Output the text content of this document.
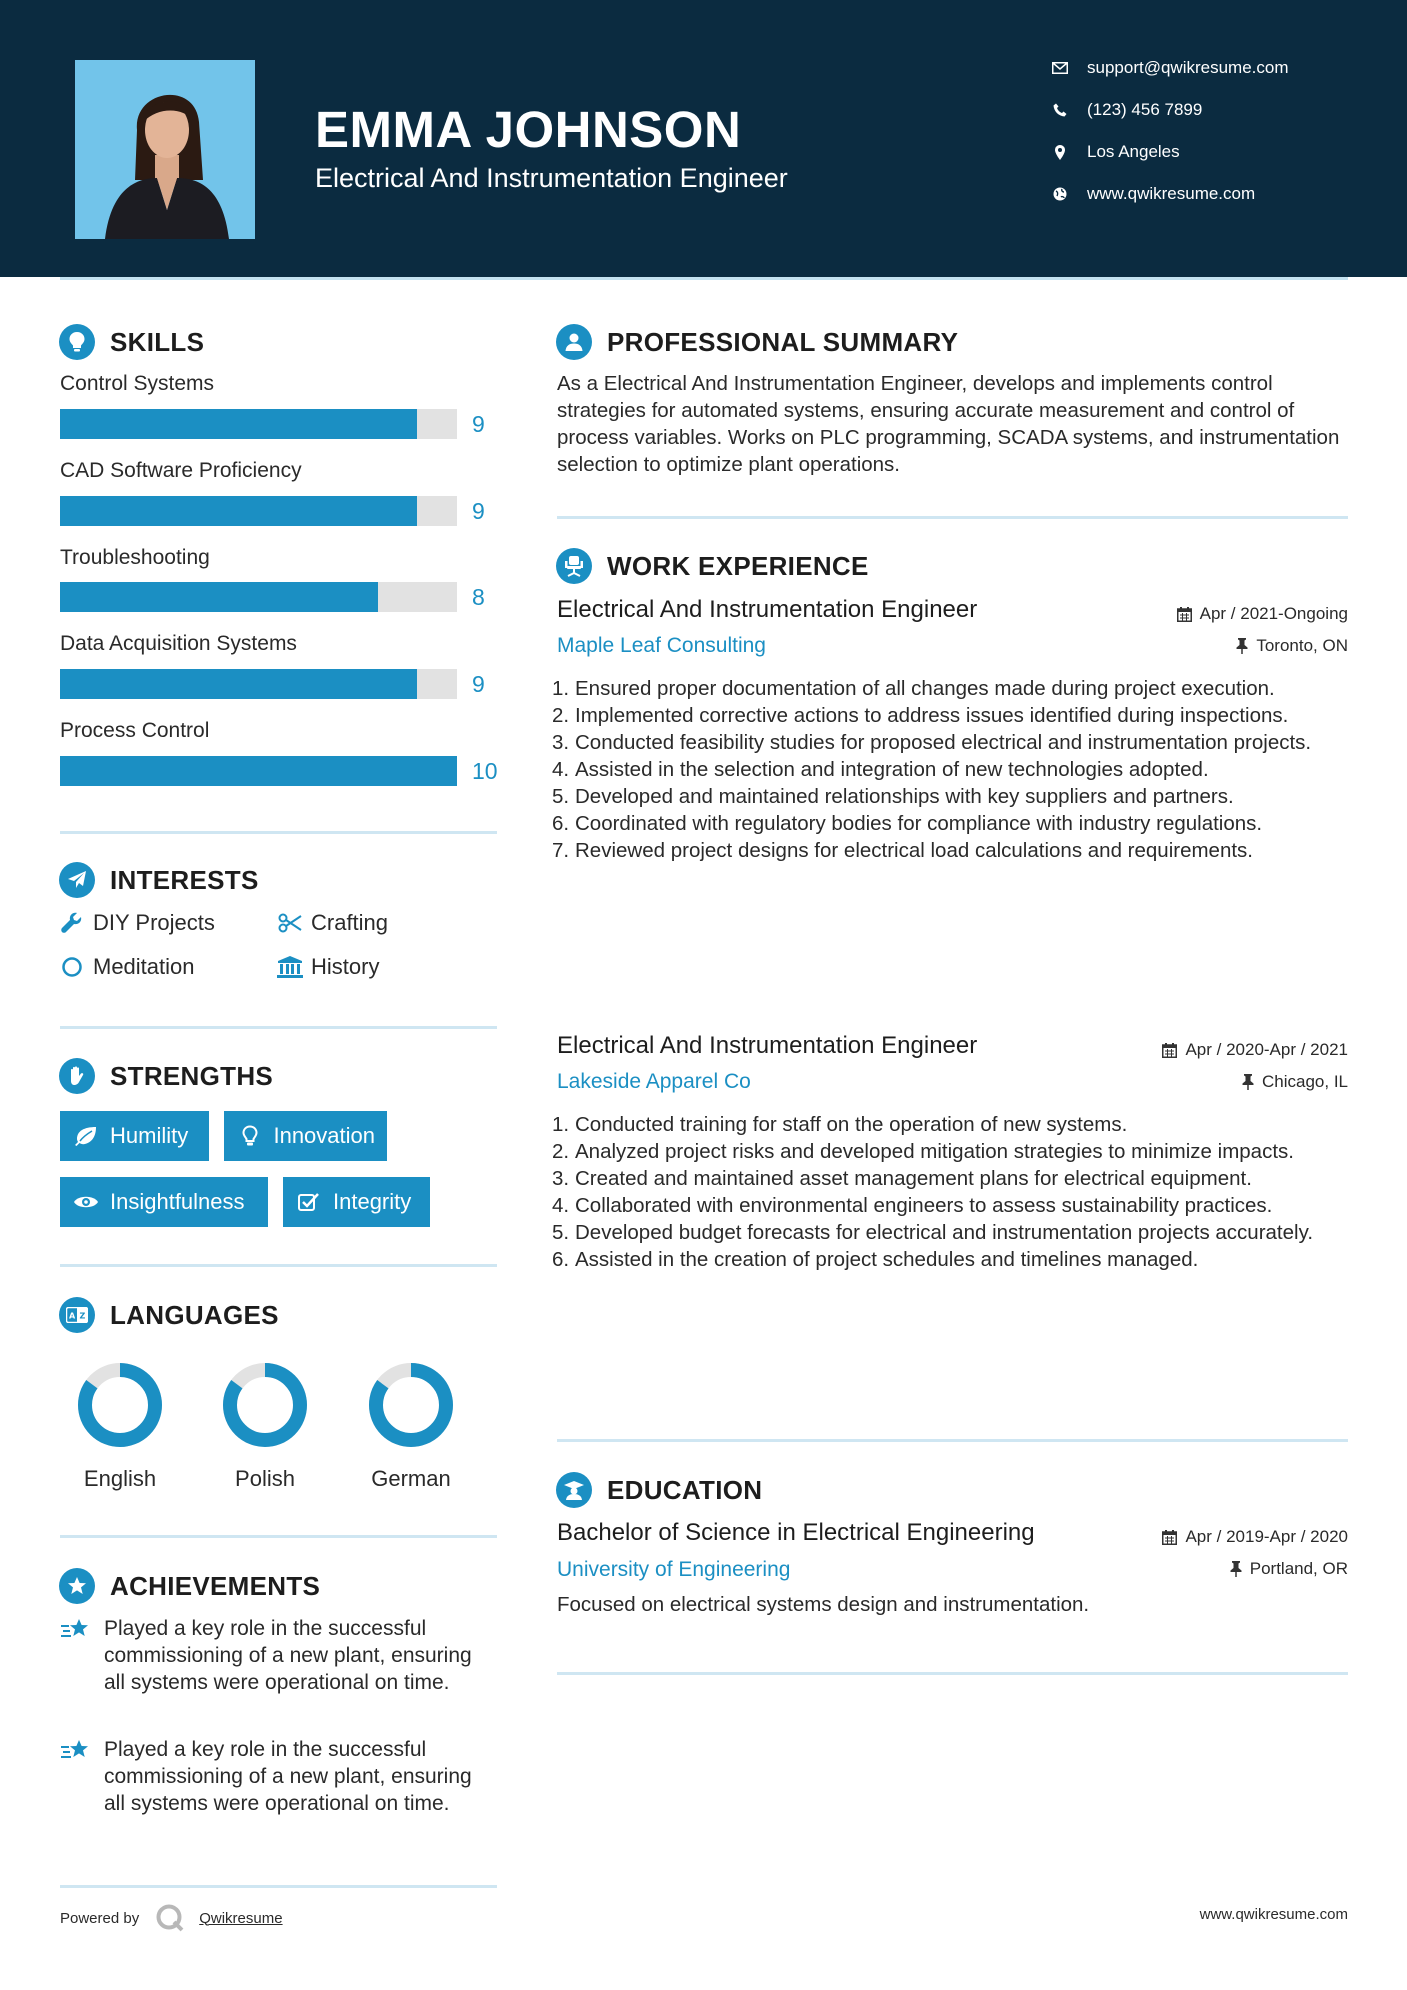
EMMA JOHNSON
Electrical And Instrumentation Engineer
support@qwikresume.com
(123) 456 7899
Los Angeles
www.qwikresume.com
SKILLS
Control Systems
9
CAD Software Proficiency
9
Troubleshooting
8
Data Acquisition Systems
9
Process Control
10
INTERESTS
DIY Projects	Crafting
Meditation	History
STRENGTHS
Humility	Innovation
Insightfulness	Integrity
A Z LANGUAGES
English	Polish	German
ACHIEVEMENTS
Played a key role in the successful commissioning of a new plant, ensuring all systems were operational on time.
Played a key role in the successful commissioning of a new plant, ensuring all systems were operational on time.
PROFESSIONAL SUMMARY
As a Electrical And Instrumentation Engineer, develops and implements control strategies for automated systems, ensuring accurate measurement and control of process variables. Works on PLC programming, SCADA systems, and instrumentation selection to optimize plant operations.
WORK EXPERIENCE
Electrical And Instrumentation Engineer	Apr / 2021-Ongoing
Maple Leaf Consulting	Toronto, ON
1. Ensured proper documentation of all changes made during project execution.
2. Implemented corrective actions to address issues identified during inspections.
3. Conducted feasibility studies for proposed electrical and instrumentation projects.
4. Assisted in the selection and integration of new technologies adopted.
5. Developed and maintained relationships with key suppliers and partners.
6. Coordinated with regulatory bodies for compliance with industry regulations.
7. Reviewed project designs for electrical load calculations and requirements.
Electrical And Instrumentation Engineer	Apr / 2020-Apr / 2021
Lakeside Apparel Co	Chicago, IL
1. Conducted training for staff on the operation of new systems.
2. Analyzed project risks and developed mitigation strategies to minimize impacts.
3. Created and maintained asset management plans for electrical equipment.
4. Collaborated with environmental engineers to assess sustainability practices.
5. Developed budget forecasts for electrical and instrumentation projects accurately.
6. Assisted in the creation of project schedules and timelines managed.
EDUCATION
Bachelor of Science in Electrical Engineering	Apr / 2019-Apr / 2020
University of Engineering	Portland, OR
Focused on electrical systems design and instrumentation.
Powered by	Qwikresume	www.qwikresume.com
